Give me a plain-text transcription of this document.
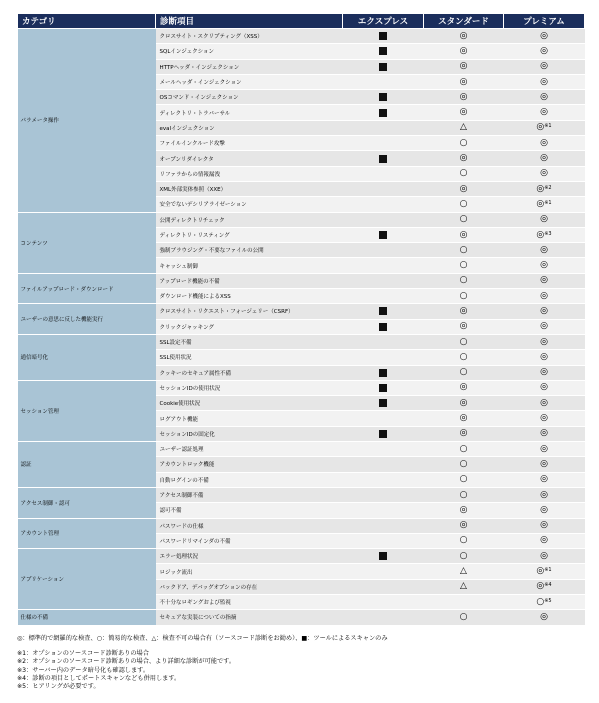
カテゴリ	診断項目	エクスプレス	スタンダード	プレミアム
パラメータ操作	クロスサイト・スクリプティング（XSS）		◎	◎
	SQLインジェクション		◎	◎
	HTTPヘッダ・インジェクション		◎	◎
	メールヘッダ・インジェクション		◎	◎
	OSコマンド・インジェクション		◎	◎
	ディレクトリ・トラバーサル		◎	◎
	evalインジェクション		△	◎※1
	ファイルインクルード攻撃		○	◎
	オープンリダイレクタ		◎	◎
	リファラからの情報漏洩		○	◎
	XML外部実体参照（XXE）		◎	◎※2
	安全でないデシリアライゼーション		○	◎※1
コンテンツ	公開ディレクトリチェック		○	◎
	ディレクトリ・リスティング		◎	◎※3
	強制ブラウジング・不要なファイルの公開		○	◎
	キャッシュ制御		○	◎
ファイルアップロード・ダウンロード	アップロード機能の不備		○	◎
	ダウンロード機能によるXSS		○	◎
ユーザーの意思に反した機能実行	クロスサイト・リクエスト・フォージェリー（CSRF）		◎	◎
	クリックジャッキング		◎	◎
通信暗号化	SSL設定不備		○	◎
	SSL使用状況		○	◎
	クッキーのセキュア属性不備		○	◎
セッション管理	セッションIDの使用状況		◎	◎
	Cookie使用状況		◎	◎
	ログアウト機能		◎	◎
	セッションIDの固定化		◎	◎
認証	ユーザー認証処理		○	◎
	アカウントロック機能		○	◎
	自動ログインの不備		○	◎
アクセス制御・認可	アクセス制御不備		○	◎
	認可不備		◎	◎
アカウント管理	パスワードの仕様		◎	◎
	パスワードリマインダの不備		○	◎
アプリケーション	エラー処理状況		○	◎
	ロジック流出		△	◎※1
	バックドア、デバッグオプションの存在		△	◎※4
	不十分なロギングおよび監視			○※5
仕様の不備	セキュアな実装についての指摘		○	◎
◎：標準的で網羅的な検査、○：簡易的な検査、△：検査不可の場合有（ソースコード診断をお勧め）、■：ツールによるスキャンのみ
※1：オプションのソースコード診断ありの場合
※2：オプションのソースコード診断ありの場合、より詳細な診断が可能です。
※3：サーバー内のデータ暗号化も確認します。
※4：診断の項目としてポートスキャンなども併用します。
※5：ヒアリングが必要です。
